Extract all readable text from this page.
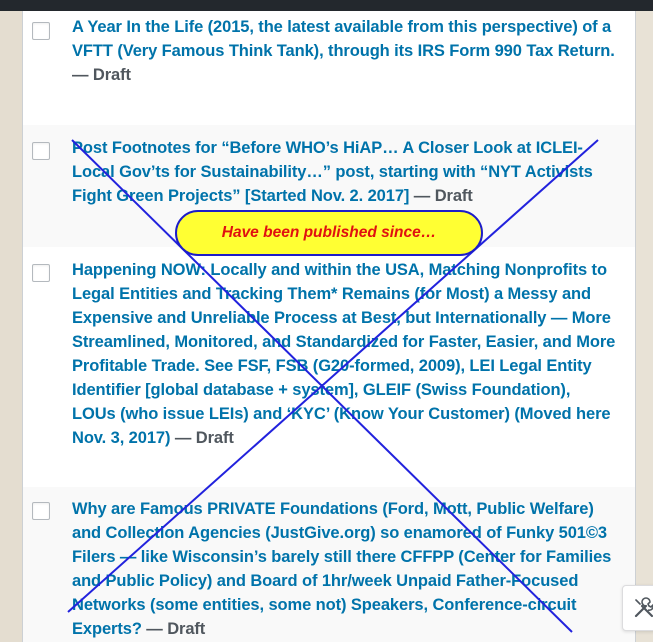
A Year In the Life (2015, the latest available from this perspective) of a VFTT (Very Famous Think Tank), through its IRS Form 990 Tax Return. — Draft
Post Footnotes for “Before WHO’s HiAP… A Closer Look at ICLEI-Local Gov’ts for Sustainability…” post, starting with “NYT Activists Fight Green Projects” [Started Nov. 2. 2017] — Draft
Happening NOW: Locally and within the USA, Matching Nonprofits to Legal Entities and Tracking Them* Remains (for Most) a Messy and Expensive and Unreliable Process at Best, but Internationally — More Streamlined, Monitored, and Standardized for Faster, Easier, and More Profitable Trade. See FSF, FSB (G20-formed, 2009), LEI Legal Entity Identifier [global database + system], GLEIF (Swiss Foundation), LOUs (who issue LEIs) and ‘KYC’ (Know Your Customer) (Moved here Nov. 3, 2017) — Draft
Why are Famous PRIVATE Foundations (Ford, Mott, Public Welfare) and Collection Agencies (JustGive.org) so enamored of Funky 501©3 Filers — like Wisconsin’s barely still there CFFPP (Center for Families and Public Policy) and Board of 1hr/week Unpaid Father-Focused Networks (some entities, some not) Speakers, Conference-circuit Experts? — Draft
Have been published since…
